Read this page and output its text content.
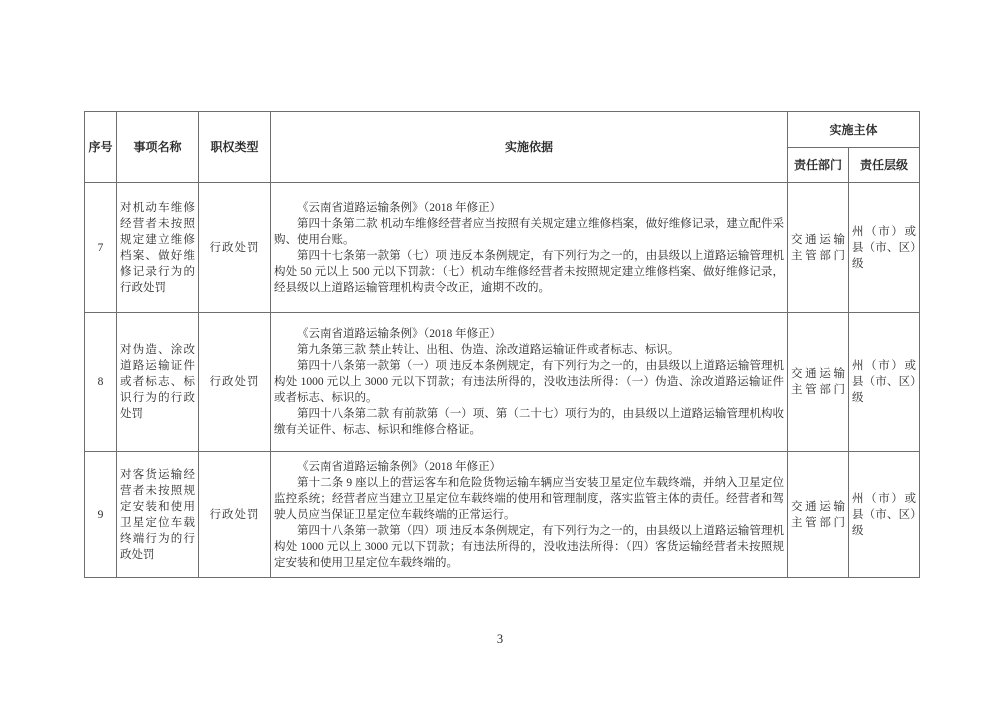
序号	事项名称	职权类型	实施依据	实施主体	
				责任部门	责任层级
7	对机动车维修经营者未按照规定建立维修档案、做好维修记录行为的行政处罚	行政处罚	《云南省道路运输条例》（2018 年修正）

第四十条第二款 机动车维修经营者应当按照有关规定建立维修档案，做好维修记录，建立配件采购、使用台账。

第四十七条第一款第（七）项 违反本条例规定，有下列行为之一的，由县级以上道路运输管理机构处 50 元以上 500 元以下罚款：（七）机动车维修经营者未按照规定建立维修档案、做好维修记录，经县级以上道路运输管理机构责令改正，逾期不改的。	交通运输主管部门	州（市）或县（市、区）级
8	对伪造、涂改道路运输证件或者标志、标识行为的行政处罚	行政处罚	《云南省道路运输条例》（2018 年修正）

第九条第三款 禁止转让、出租、伪造、涂改道路运输证件或者标志、标识。

第四十八条第一款第（一）项 违反本条例规定，有下列行为之一的，由县级以上道路运输管理机构处 1000 元以上 3000 元以下罚款；有违法所得的，没收违法所得：（一）伪造、涂改道路运输证件或者标志、标识的。

第四十八条第二款 有前款第（一）项、第（二十七）项行为的，由县级以上道路运输管理机构收缴有关证件、标志、标识和维修合格证。	交通运输主管部门	州（市）或县（市、区）级
9	对客货运输经营者未按照规定安装和使用卫星定位车载终端行为的行政处罚	行政处罚	《云南省道路运输条例》（2018 年修正）

第十二条 9 座以上的营运客车和危险货物运输车辆应当安装卫星定位车载终端，并纳入卫星定位监控系统；经营者应当建立卫星定位车载终端的使用和管理制度，落实监管主体的责任。经营者和驾驶人员应当保证卫星定位车载终端的正常运行。

第四十八条第一款第（四）项 违反本条例规定，有下列行为之一的，由县级以上道路运输管理机构处 1000 元以上 3000 元以下罚款；有违法所得的，没收违法所得：（四）客货运输经营者未按照规定安装和使用卫星定位车载终端的。	交通运输主管部门	州（市）或县（市、区）级
3
